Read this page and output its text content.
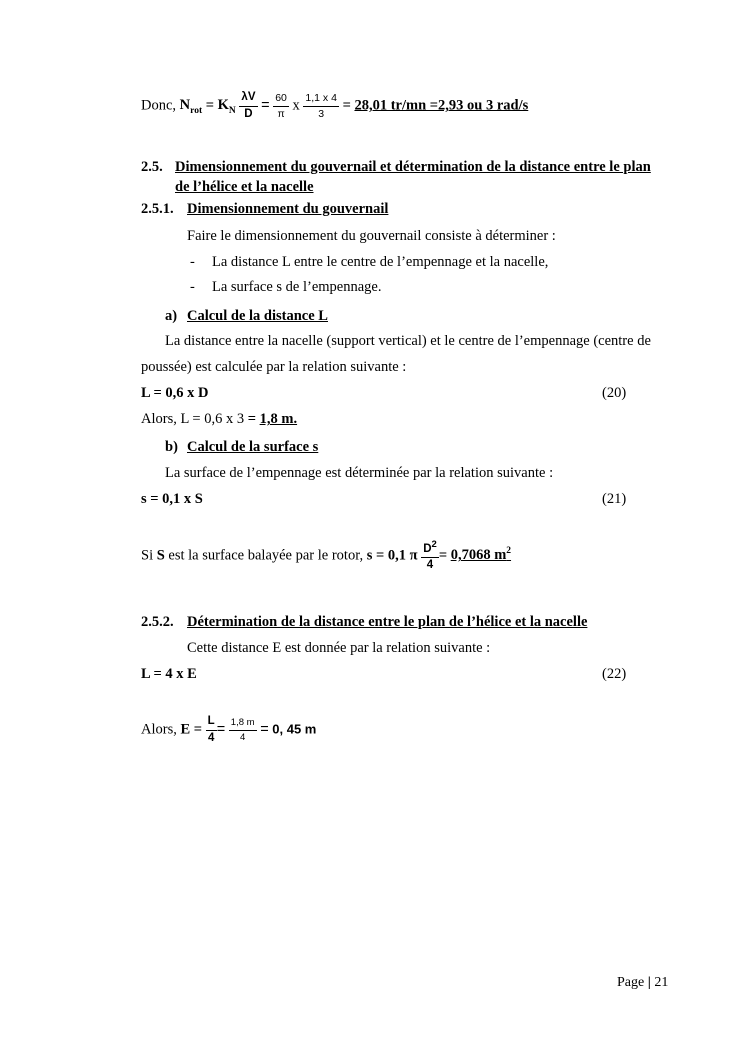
Donc, $N_{rot} = K_N \frac{\lambda V}{D} = \frac{60}{\pi}$ x $\frac{1,1 x 4}{3} = 28,01$ tr/mn =2,93 ou 3 rad/s
2.5. Dimensionnement du gouvernail et détermination de la distance entre le plan
de l’hélice et la nacelle
2.5.1. Dimensionnement du gouvernail
Faire le dimensionnement du gouvernail consiste à déterminer :
- La distance L entre le centre de l’empennage et la nacelle,
- La surface s de l’empennage.
a) Calcul de la distance L
La distance entre la nacelle (support vertical) et le centre de l’empennage (centre de
poussée) est calculée par la relation suivante :
L = 0,6 x D	(20)
Alors, L = 0,6 x 3 = 1,8 m.
b) Calcul de la surface s
La surface de l’empennage est déterminée par la relation suivante :
s = 0,1 x S	(21)
Si S est la surface balayée par le rotor, s = 0,1 π $\frac{D^2}{4} = 0,7068$ $m^2$
2.5.2. Détermination de la distance entre le plan de l’hélice et la nacelle
Cette distance E est donnée par la relation suivante :
L = 4 x E	(22)
Alors, $E = \frac{L}{4} = \frac{1,8 m}{4} = 0$, 45 m
Page | 21
